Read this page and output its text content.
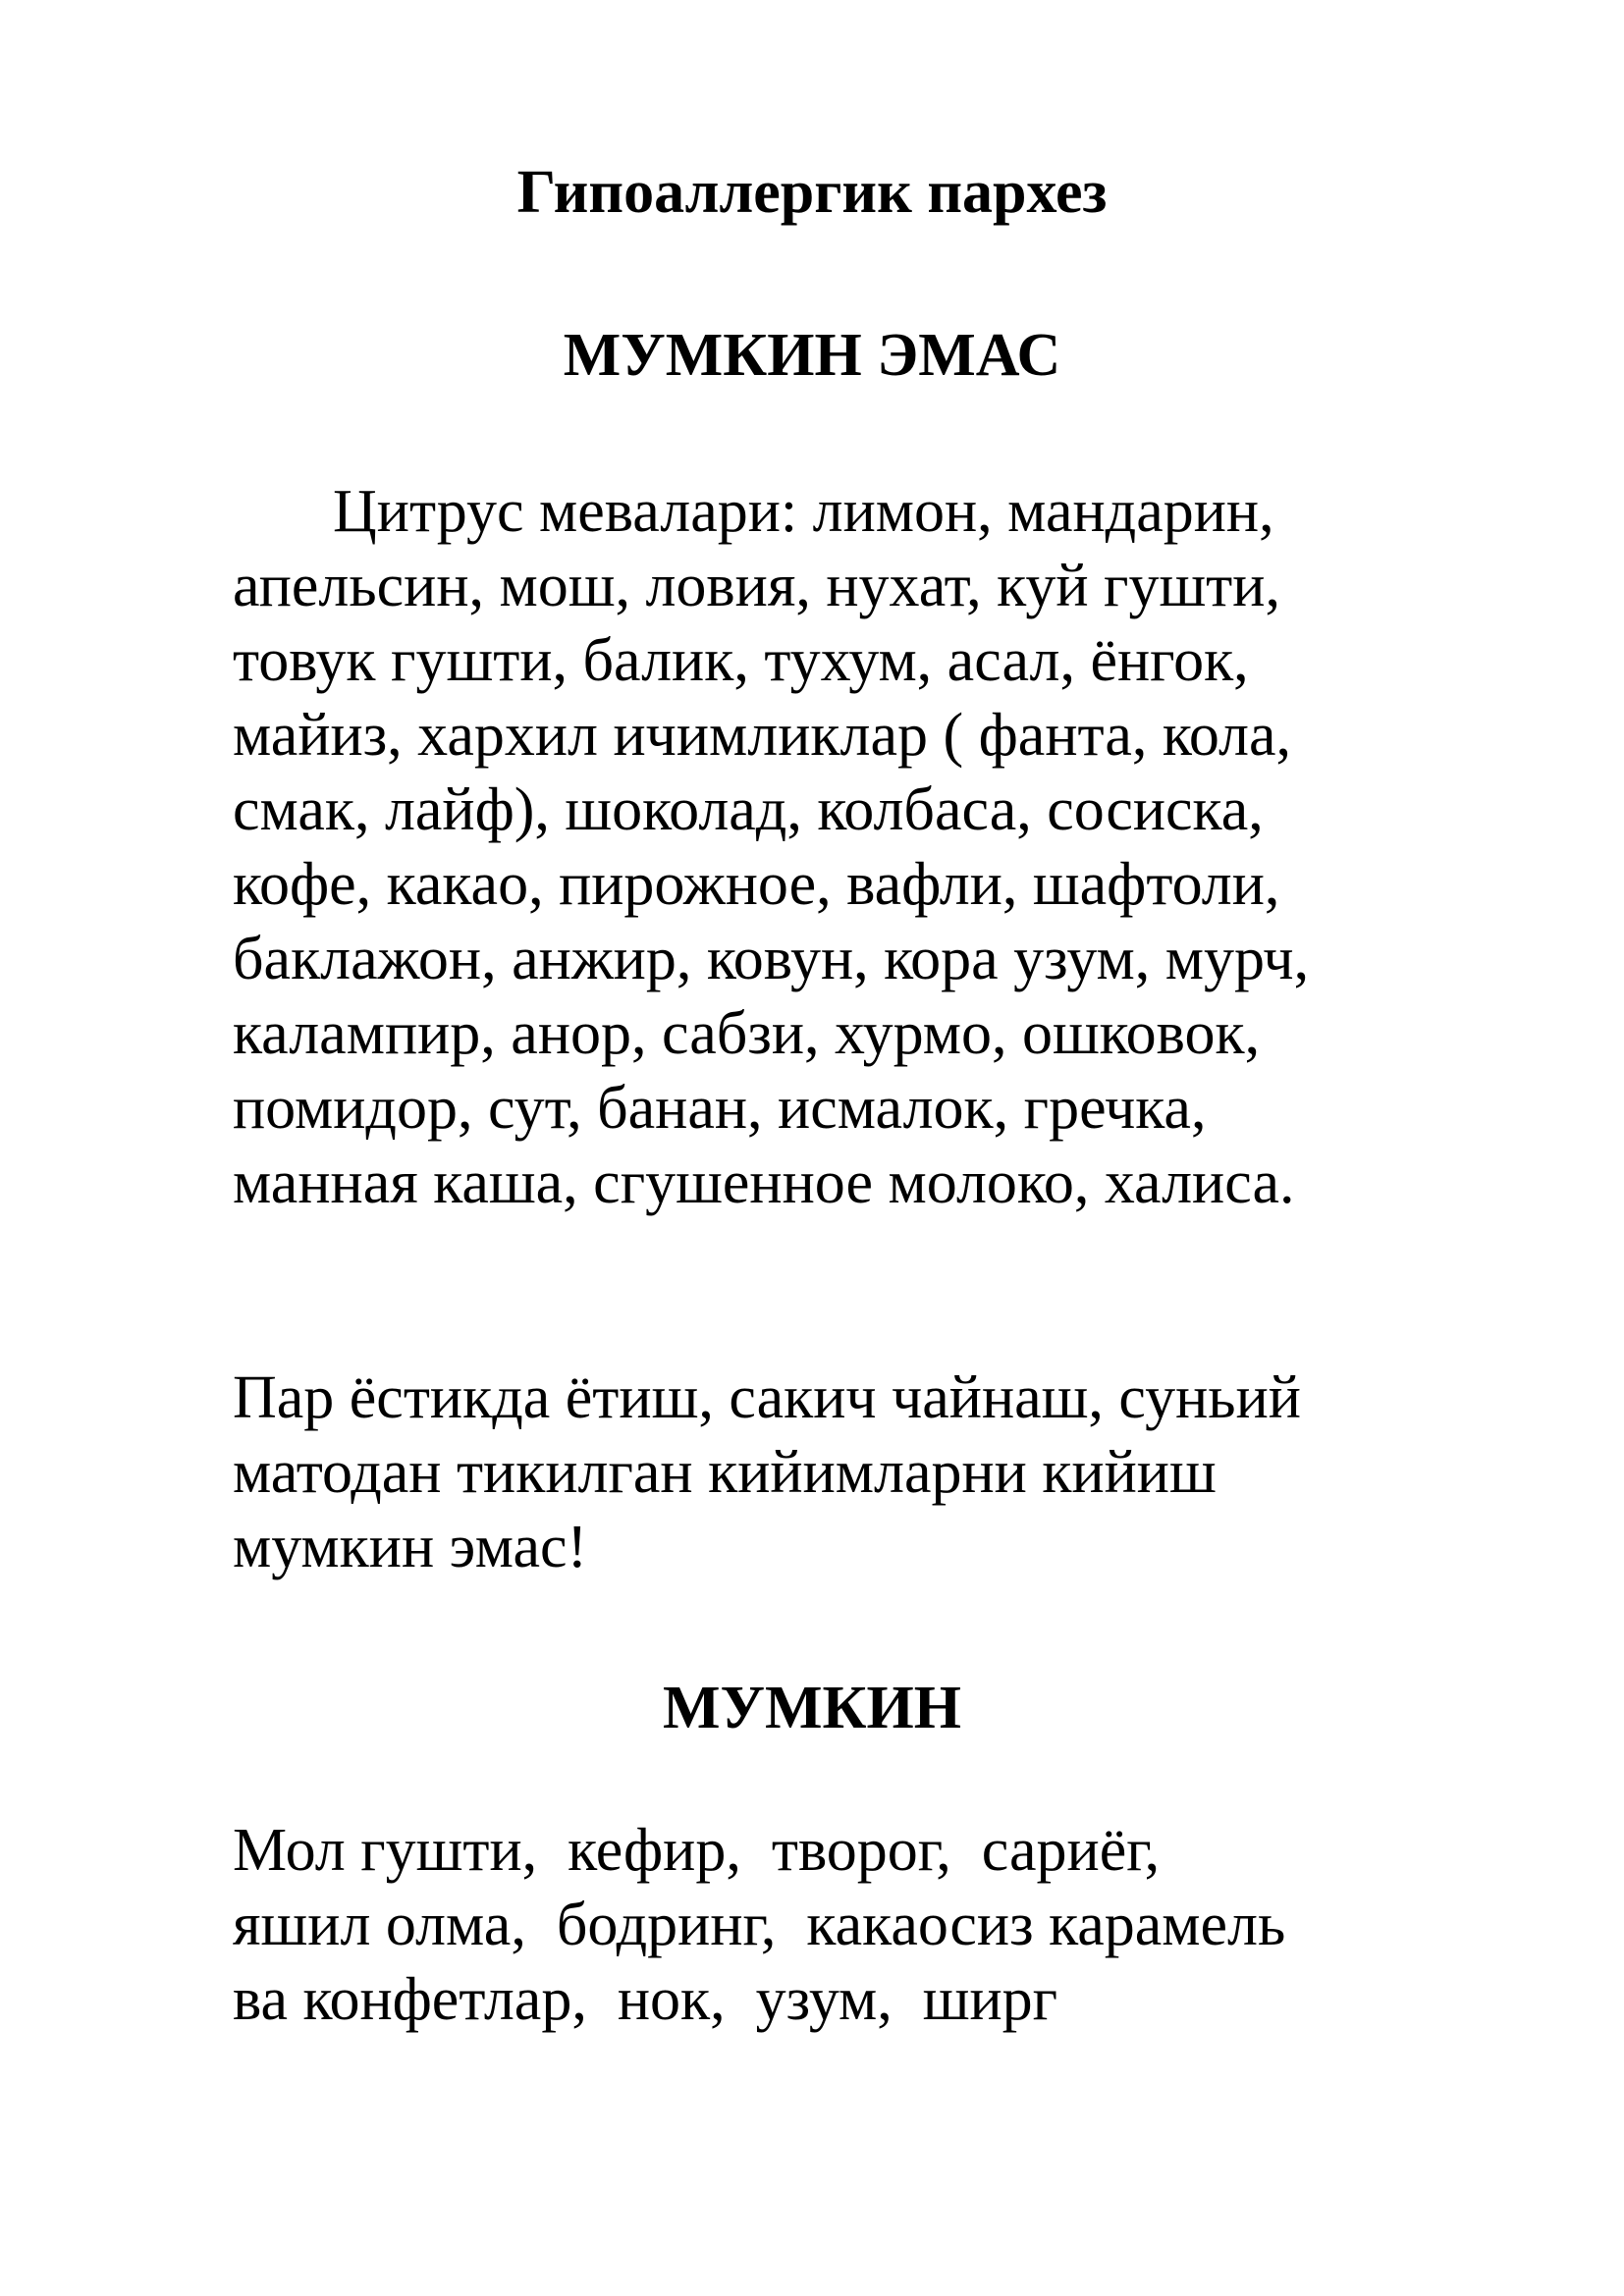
Гипоаллергик пархез
МУМКИН ЭМАС
Цитрус мевалари: лимон, мандарин,
апельсин, мош, ловия, нухат, куй гушти,
товук гушти, балик, тухум, асал, ёнгок,
майиз, хархил ичимликлар ( фанта, кола,
смак, лайф), шоколад, колбаса, сосиска,
кофе, какао, пирожное, вафли, шафтоли,
баклажон, анжир, ковун, кора узум, мурч,
калампир, анор, сабзи, хурмо, ошковок,
помидор, сут, банан, исмалок, гречка,
манная каша, сгушенное молоко, халиса.
Пар ёстикда ётиш, сакич чайнаш, суньий
матодан тикилган кийимларни кийиш
мумкин эмас!
МУМКИН
Мол гушти,  кефир,  творог,  сариёг,
яшил олма,  бодринг,  какаосиз карамель
ва конфетлар,  нок,  узум,  ширг
